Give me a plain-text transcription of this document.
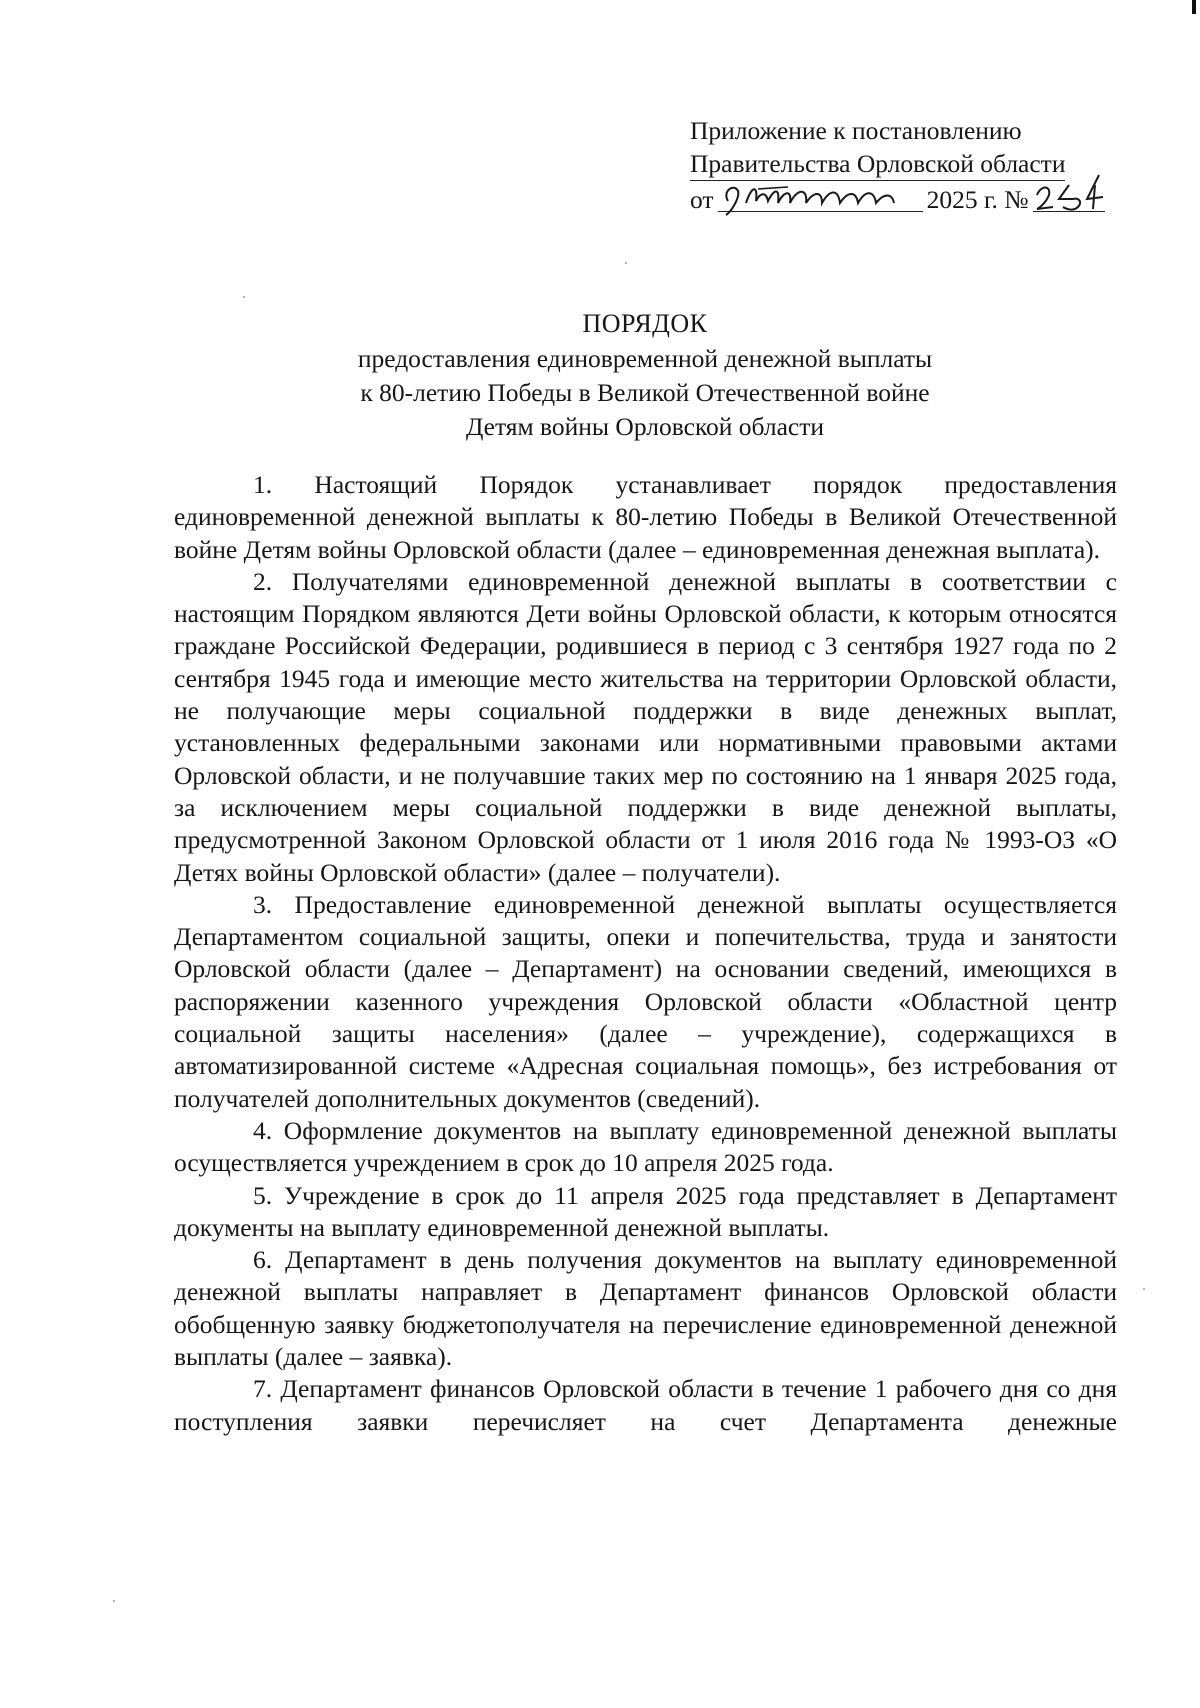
Приложение к постановлению
Правительства Орловской области
от	2025 г. №
ПОРЯДОК
предоставления единовременной денежной выплаты
к 80-летию Победы в Великой Отечественной войне
Детям войны Орловской области

1. Настоящий Порядок устанавливает порядок предоставления единовременной денежной выплаты к 80-летию Победы в Великой Отечественной войне Детям войны Орловской области (далее – единовременная денежная выплата).

2. Получателями единовременной денежной выплаты в соответствии с настоящим Порядком являются Дети войны Орловской области, к которым относятся граждане Российской Федерации, родившиеся в период с 3 сентября 1927 года по 2 сентября 1945 года и имеющие место жительства на территории Орловской области, не получающие меры социальной поддержки в виде денежных выплат, установленных федеральными законами или нормативными правовыми актами Орловской области, и не получавшие таких мер по состоянию на 1 января 2025 года, за исключением меры социальной поддержки в виде денежной выплаты, предусмотренной Законом Орловской области от 1 июля 2016 года № 1993-ОЗ «О Детях войны Орловской области» (далее – получатели).

3. Предоставление единовременной денежной выплаты осуществляется Департаментом социальной защиты, опеки и попечительства, труда и занятости Орловской области (далее – Департамент) на основании сведений, имеющихся в распоряжении казенного учреждения Орловской области «Областной центр социальной защиты населения» (далее – учреждение), содержащихся в автоматизированной системе «Адресная социальная помощь», без истребования от получателей дополнительных документов (сведений).

4. Оформление документов на выплату единовременной денежной выплаты осуществляется учреждением в срок до 10 апреля 2025 года.

5. Учреждение в срок до 11 апреля 2025 года представляет в Департамент документы на выплату единовременной денежной выплаты.

6. Департамент в день получения документов на выплату единовременной денежной выплаты направляет в Департамент финансов Орловской области обобщенную заявку бюджетополучателя на перечисление единовременной денежной выплаты (далее – заявка).

7. Департамент финансов Орловской области в течение 1 рабочего дня со дня поступления заявки перечисляет на счет Департамента денежные
